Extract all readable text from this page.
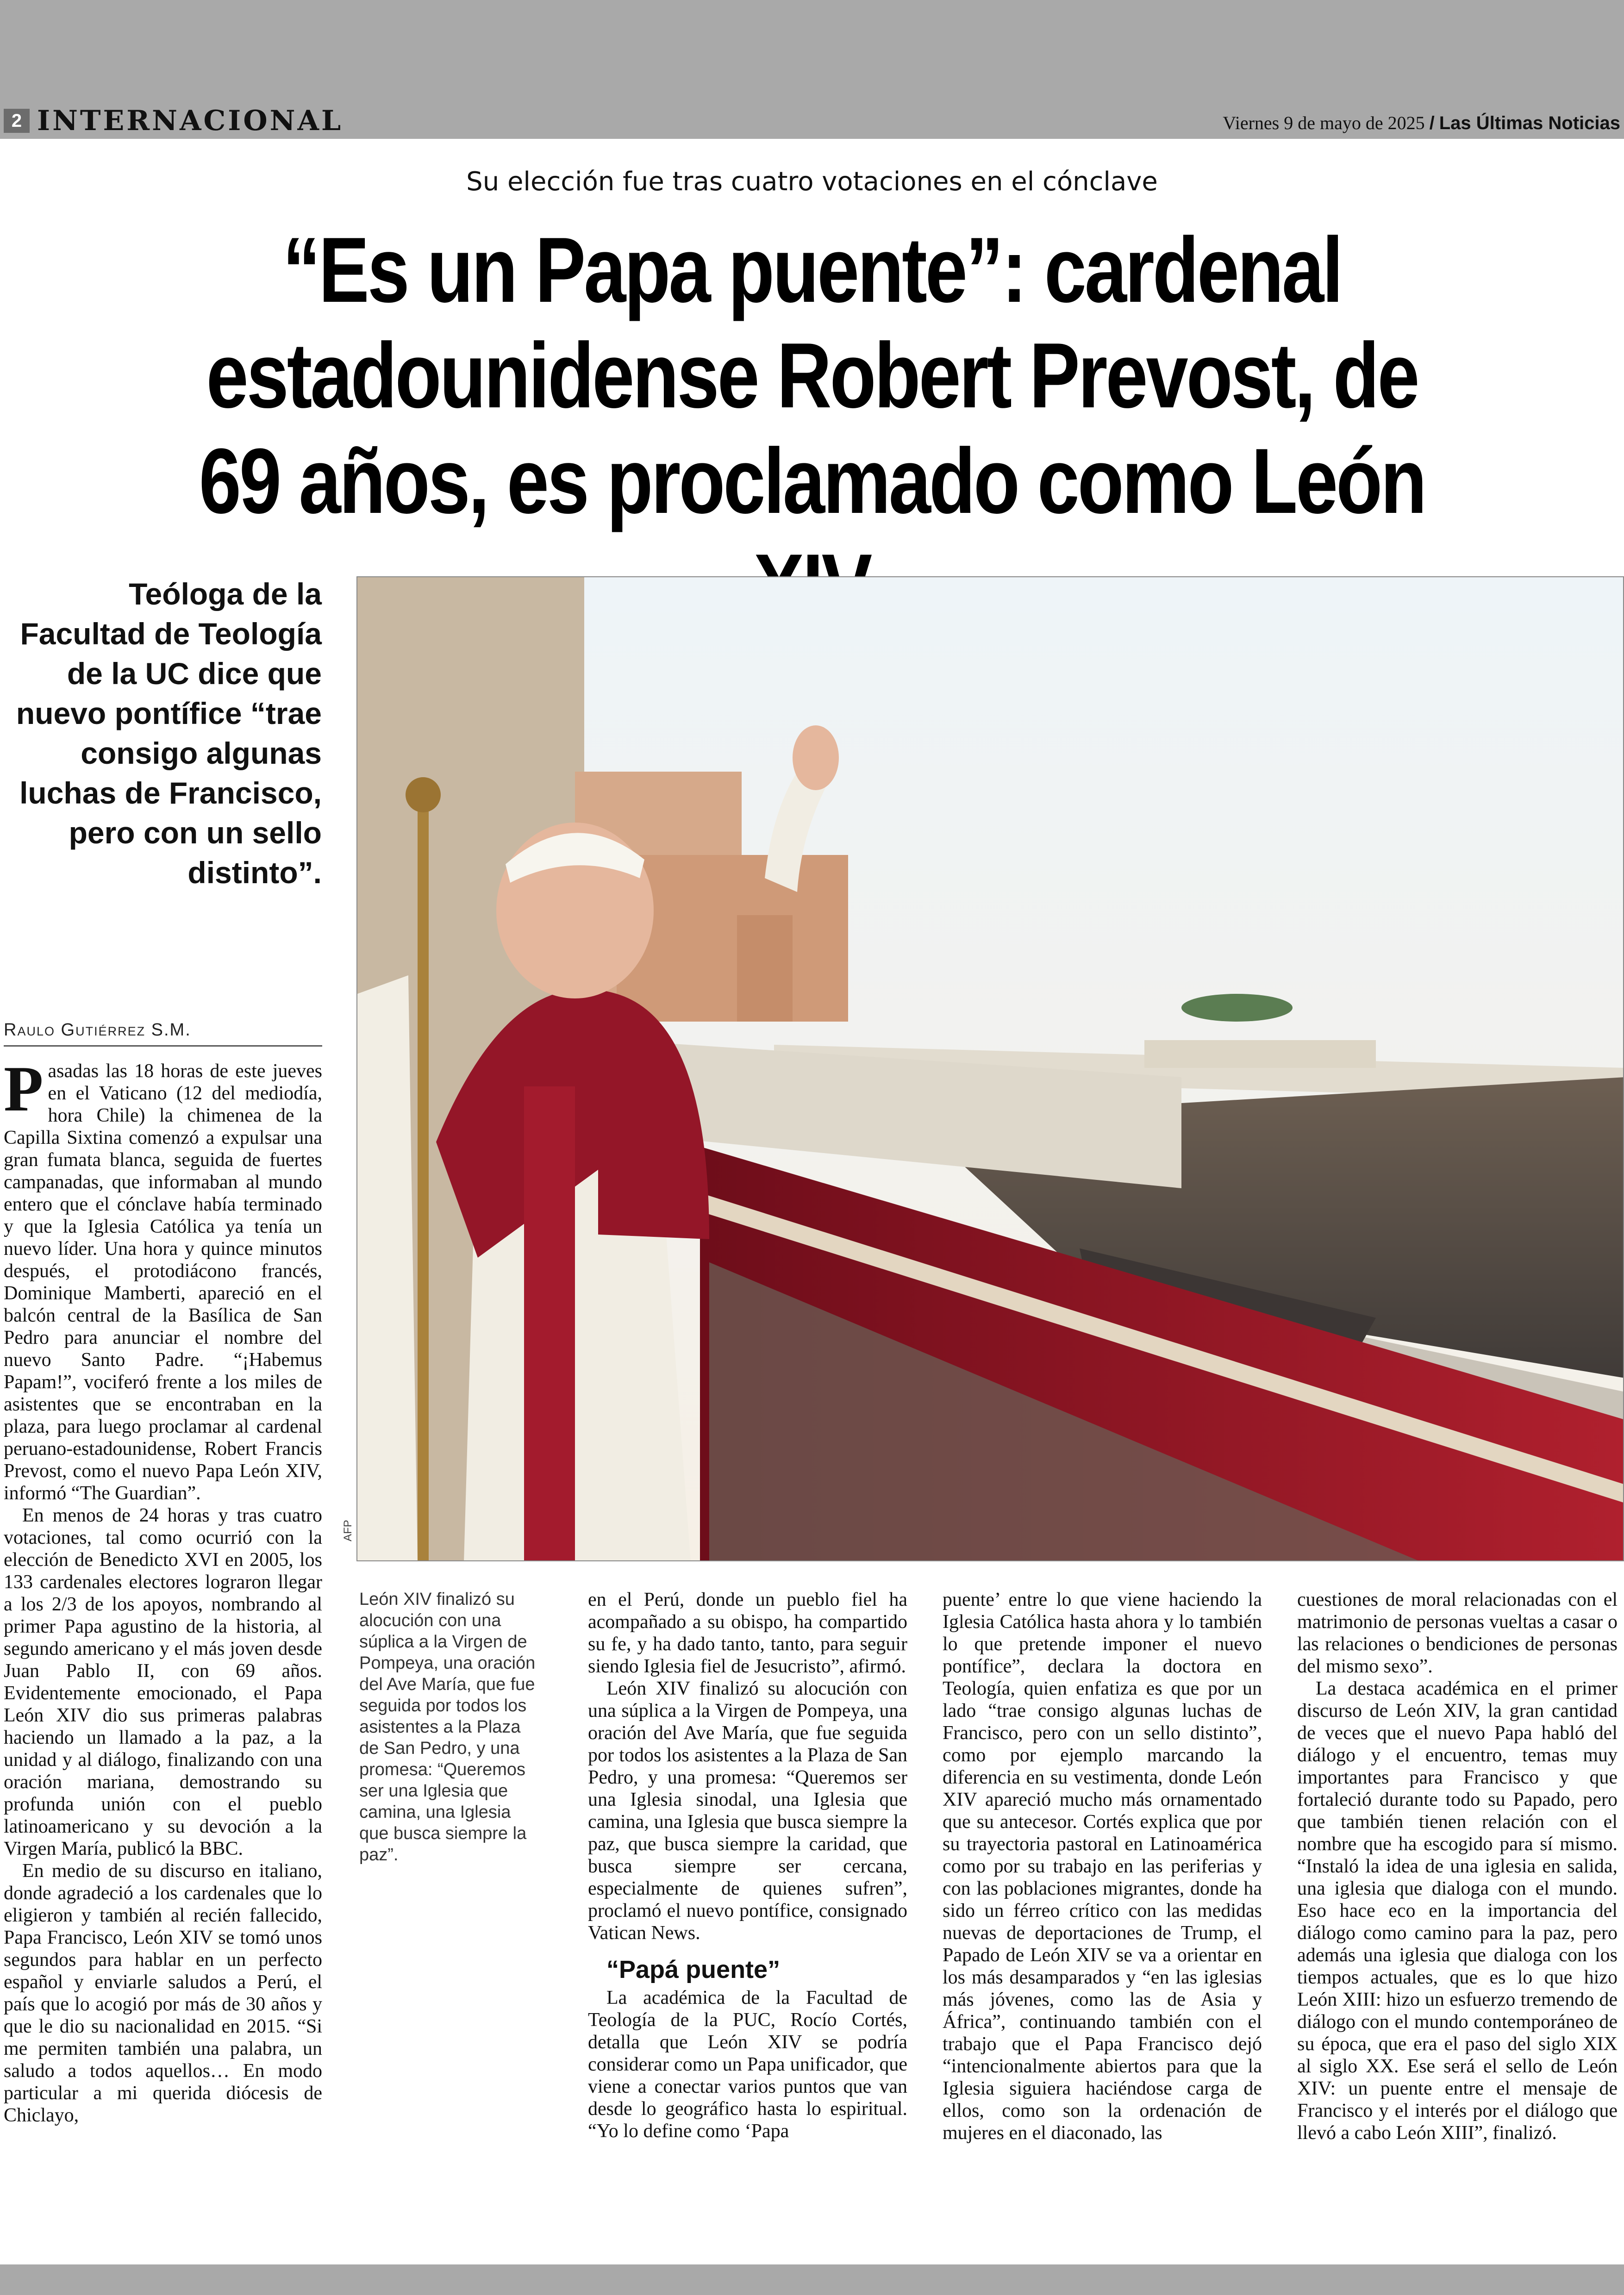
2 INTERNACIONAL	Viernes 9 de mayo de 2025 / Las Últimas Noticias
Su elección fue tras cuatro votaciones en el cónclave
“Es un Papa puente”: cardenal estadounidense Robert Prevost, de 69 años, es proclamado como León
Teóloga de la Facultad de Teología de la UC dice que nuevo pontífice “trae consigo algunas luchas de Francisco, pero con un sello distinto”.
AFP
Raulo Gutiérrez S.M.

Pasadas las 18 horas de este jueves en el Vaticano (12 del mediodía, hora Chile) la chimenea de la Capilla Sixtina comenzó a expulsar una gran fumata blanca, seguida de fuertes campanadas, que informaban al mundo entero que el cónclave había terminado y que la Iglesia Católica ya tenía un nuevo líder. Una hora y quince minutos después, el protodiácono francés, Dominique Mamberti, apareció en el balcón central de la Basílica de San Pedro para anunciar el nombre del nuevo Santo Padre. “¡Habemus Papam!”, vociferó frente a los miles de asistentes que se encontraban en la plaza, para luego proclamar al cardenal peruano-estadounidense, Robert Francis Prevost, como el nuevo Papa León XIV, informó “The Guardian”.

En menos de 24 horas y tras cuatro votaciones, tal como ocurrió con la elección de Benedicto XVI en 2005, los 133 cardenales electores lograron llegar a los 2/3 de los apoyos, nombrando al primer Papa agustino de la historia, al segundo americano y el más joven desde Juan Pablo II, con 69 años. Evidentemente emocionado, el Papa León XIV dio sus primeras palabras haciendo un llamado a la paz, a la unidad y al diálogo, finalizando con una oración mariana, demostrando su profunda unión con el pueblo latinoamericano y su devoción a la Virgen María, publicó la BBC.

En medio de su discurso en italiano, donde agradeció a los cardenales que lo eligieron y también al recién fallecido, Papa Francisco, León XIV se tomó unos segundos para hablar en un perfecto español y enviarle saludos a Perú, el país que lo acogió por más de 30 años y que le dio su nacionalidad en 2015. “Si me permiten también una palabra, un saludo a todos aquellos… En modo particular a mi querida diócesis de Chiclayo,

León XIV finalizó su alocución con una súplica a la Virgen de Pompeya, una oración del Ave María, que fue seguida por todos los asistentes a la Plaza de San Pedro, y una promesa: “Queremos ser una Iglesia que camina, una Iglesia que busca siempre la paz”.

en el Perú, donde un pueblo fiel ha acompañado a su obispo, ha compartido su fe, y ha dado tanto, tanto, para seguir siendo Iglesia fiel de Jesucristo”, afirmó.

León XIV finalizó su alocución con una súplica a la Virgen de Pompeya, una oración del Ave María, que fue seguida por todos los asistentes a la Plaza de San Pedro, y una promesa: “Queremos ser una Iglesia sinodal, una Iglesia que camina, una Iglesia que busca siempre la paz, que busca siempre la caridad, que busca siempre ser cercana, especialmente de quienes sufren”, proclamó el nuevo pontífice, consignado Vatican News.

“Papá puente”

La académica de la Facultad de Teología de la PUC, Rocío Cortés, detalla que León XIV se podría considerar como un Papa unificador, que viene a conectar varios puntos que van desde lo geográfico hasta lo espiritual. “Yo lo define como ‘Papa

puente’ entre lo que viene haciendo la Iglesia Católica hasta ahora y lo también lo que pretende imponer el nuevo pontífice”, declara la doctora en Teología, quien enfatiza es que por un lado “trae consigo algunas luchas de Francisco, pero con un sello distinto”, como por ejemplo marcando la diferencia en su vestimenta, donde León XIV apareció mucho más ornamentado que su antecesor. Cortés explica que por su trayectoria pastoral en Latinoamérica como por su trabajo en las periferias y con las poblaciones migrantes, donde ha sido un férreo crítico con las medidas nuevas de deportaciones de Trump, el Papado de León XIV se va a orientar en los más desamparados y “en las iglesias más jóvenes, como las de Asia y África”, continuando también con el trabajo que el Papa Francisco dejó “intencionalmente abiertos para que la Iglesia siguiera haciéndose carga de ellos, como son la ordenación de mujeres en el diaconado, las

cuestiones de moral relacionadas con el matrimonio de personas vueltas a casar o las relaciones o bendiciones de personas del mismo sexo”.

La destaca académica en el primer discurso de León XIV, la gran cantidad de veces que el nuevo Papa habló del diálogo y el encuentro, temas muy importantes para Francisco y que fortaleció durante todo su Papado, pero que también tienen relación con el nombre que ha escogido para sí mismo. “Instaló la idea de una iglesia en salida, una iglesia que dialoga con el mundo. Eso hace eco en la importancia del diálogo como camino para la paz, pero además una iglesia que dialoga con los tiempos actuales, que es lo que hizo León XIII: hizo un esfuerzo tremendo de diálogo con el mundo contemporáneo de su época, que era el paso del siglo XIX al siglo XX. Ese será el sello de León XIV: un puente entre el mensaje de Francisco y el interés por el diálogo que llevó a cabo León XIII”, finalizó.
